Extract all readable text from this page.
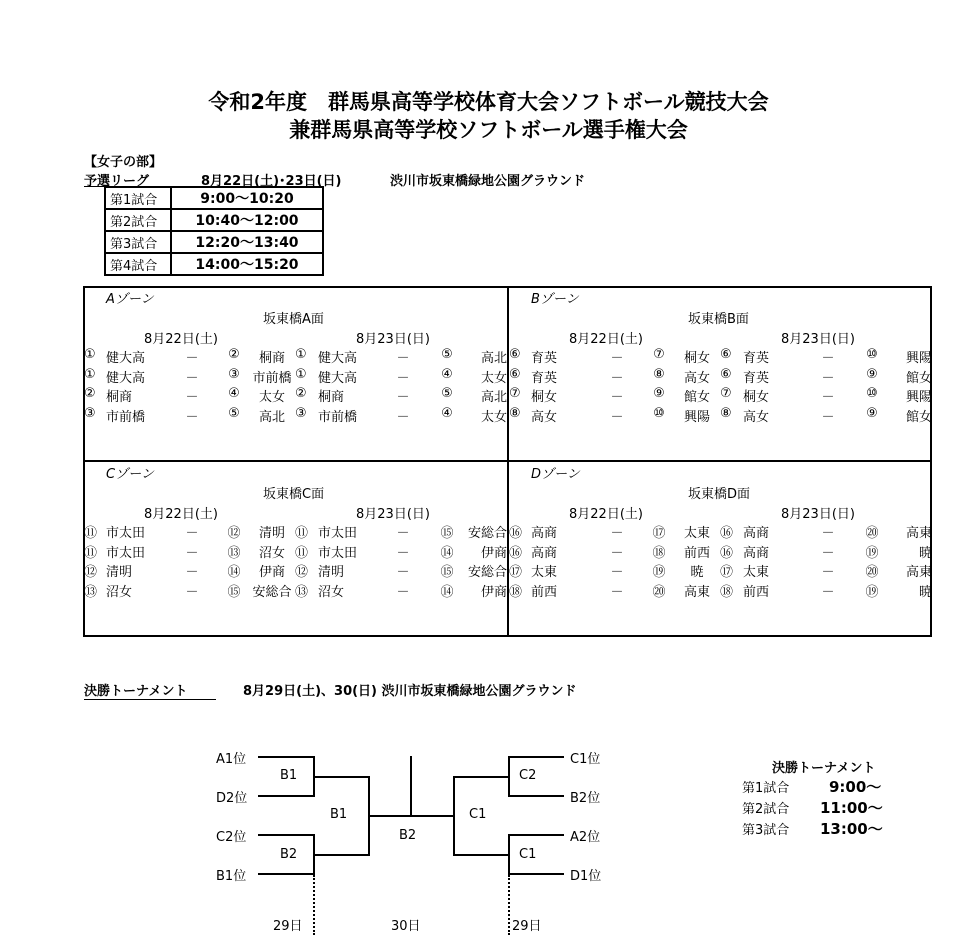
令和2年度　群馬県高等学校体育大会ソフトボール競技大会
兼群馬県高等学校ソフトボール選手権大会
【女子の部】
予選リーグ	8月22日(土)･23日(日)	渋川市坂東橋緑地公園グラウンド
第1試合	9:00～10:20
第2試合	10:40～12:00
第3試合	12:20～13:40
第4試合	14:00～15:20
Aゾーン
坂東橋A面
8月22日(土)	8月23日(日)
① 健大高	－	②	桐商 ① 健大高	－	⑤	高北
① 健大高	－	③ 市前橋 ① 健大高	－	④	太女
② 桐商	－	④	太女 ② 桐商	－	⑤	高北
③ 市前橋	－	⑤	高北 ③ 市前橋	－	④	太女
Bゾーン
坂東橋B面
8月22日(土)	8月23日(日)
⑥ 育英	－	⑦	桐女 ⑥ 育英	－	⑩	興陽
⑥ 育英	－	⑧	高女 ⑥ 育英	－	⑨	館女
⑦ 桐女	－	⑨	館女 ⑦ 桐女	－	⑩	興陽
⑧ 高女	－	⑩	興陽 ⑧ 高女	－	⑨	館女
Cゾーン
坂東橋C面
8月22日(土)	8月23日(日)
⑪ 市太田	－	⑫	清明 ⑪ 市太田	－	⑮	安総合
⑪ 市太田	－	⑬	沼女 ⑪ 市太田	－	⑭	伊商
⑫ 清明	－	⑭	伊商 ⑫ 清明	－	⑮	安総合
⑬ 沼女	－	⑮ 安総合 ⑬ 沼女	－	⑭	伊商
Dゾーン
坂東橋D面
8月22日(土)	8月23日(日)
⑯ 高商	－	⑰	太東 ⑯ 高商	－	⑳	高東
⑯ 高商	－	⑱	前西 ⑯ 高商	－	⑲	暁
⑰ 太東	－	⑲	暁	⑰ 太東	－	⑳	高東
⑱ 前西	－	⑳	高東 ⑱ 前西	－	⑲	暁
決勝トーナメント	8月29日(土)、30(日) 渋川市坂東橋緑地公園グラウンド
A1位
D2位
C2位
B1位
C1位
B2位
A2位
D1位
B1
B2
B1
B2
C1
C2
C1
29日	30日	29日
決勝トーナメント
第1試合	9:00～
第2試合 11:00～
第3試合 13:00～
